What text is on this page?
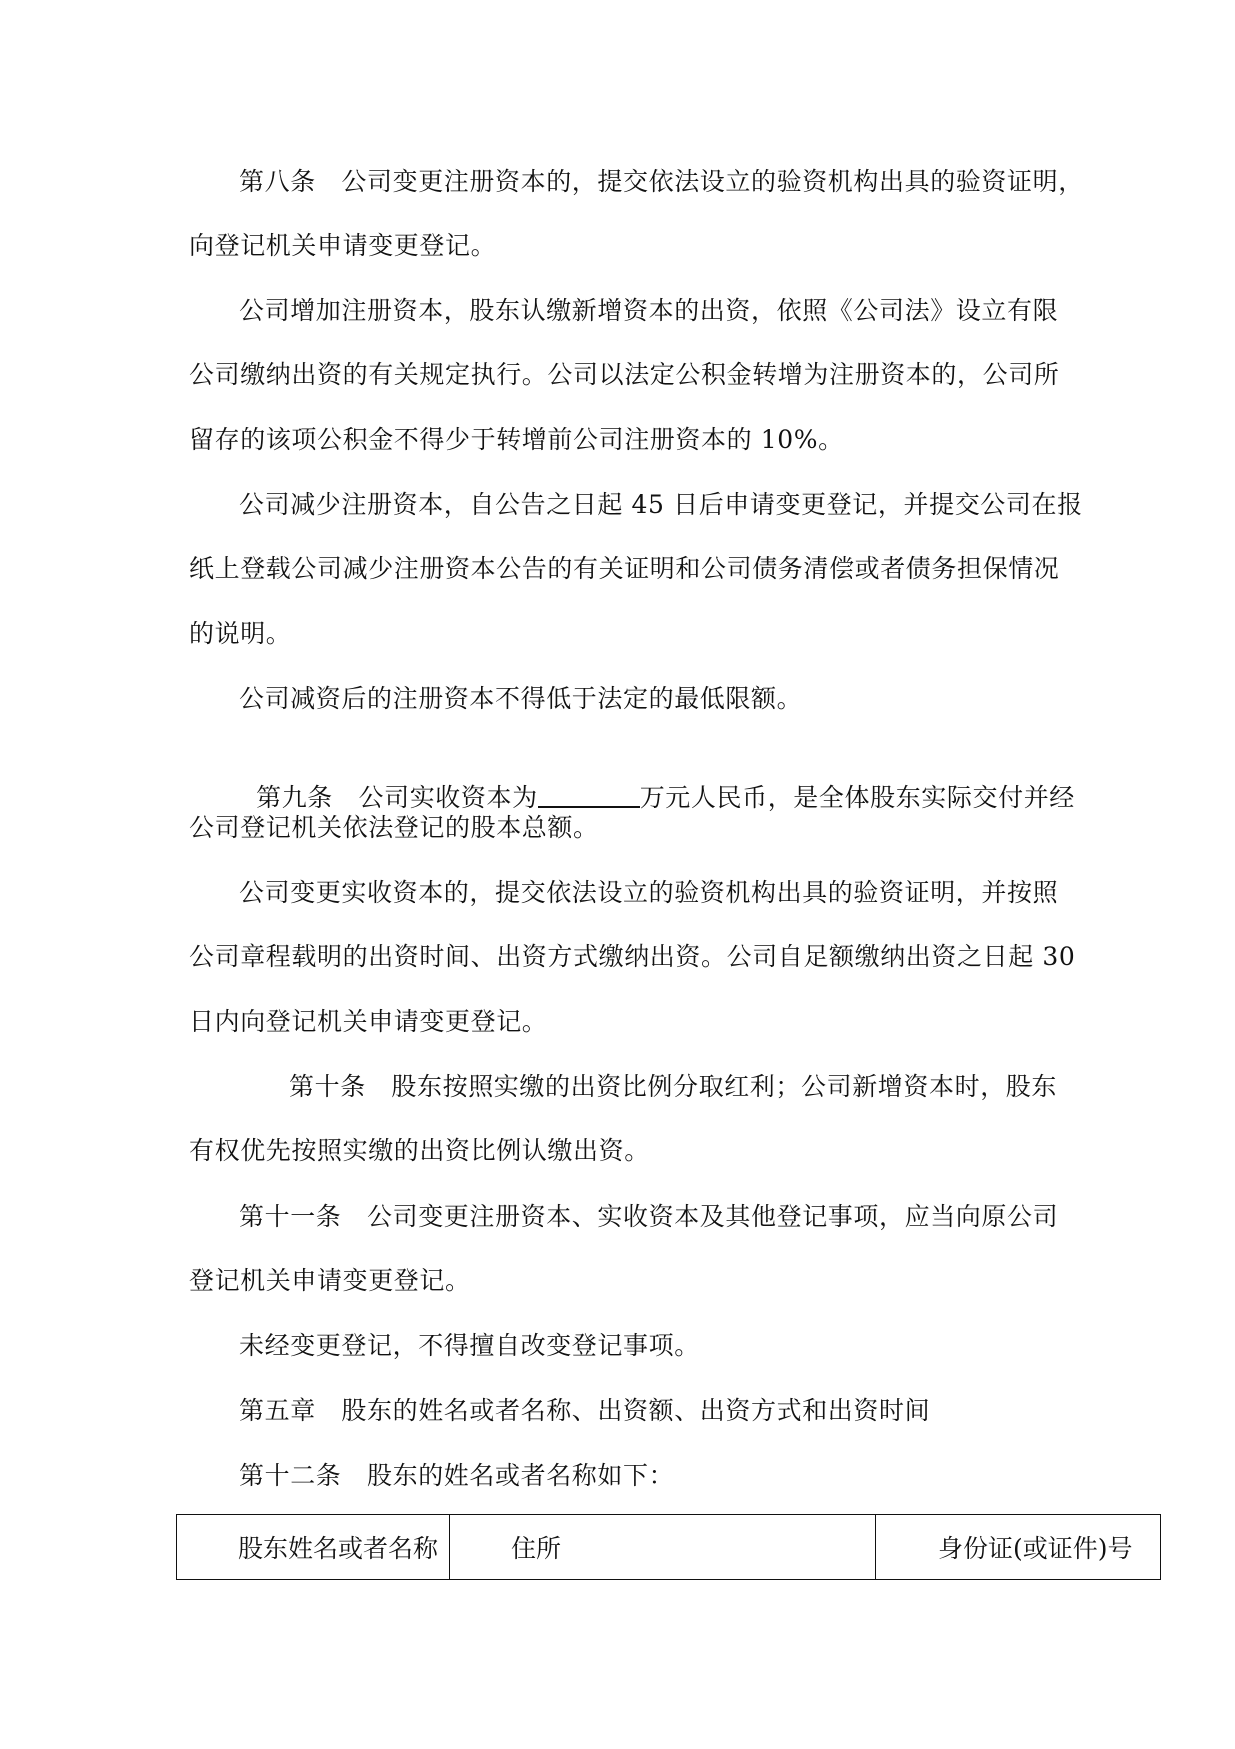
第八条　公司变更注册资本的，提交依法设立的验资机构出具的验资证明，
向登记机关申请变更登记。
公司增加注册资本，股东认缴新增资本的出资，依照《公司法》设立有限
公司缴纳出资的有关规定执行。公司以法定公积金转增为注册资本的，公司所
留存的该项公积金不得少于转增前公司注册资本的 10%。
公司减少注册资本，自公告之日起 45 日后申请变更登记，并提交公司在报
纸上登载公司减少注册资本公告的有关证明和公司债务清偿或者债务担保情况
的说明。
公司减资后的注册资本不得低于法定的最低限额。

第九条　公司实收资本为	万元人民币，是全体股东实际交付并经

公司登记机关依法登记的股本总额。
公司变更实收资本的，提交依法设立的验资机构出具的验资证明，并按照
公司章程载明的出资时间、出资方式缴纳出资。公司自足额缴纳出资之日起 30
日内向登记机关申请变更登记。
第十条　股东按照实缴的出资比例分取红利；公司新增资本时，股东
有权优先按照实缴的出资比例认缴出资。
第十一条　公司变更注册资本、实收资本及其他登记事项，应当向原公司
登记机关申请变更登记。
未经变更登记，不得擅自改变登记事项。
第五章　股东的姓名或者名称、出资额、出资方式和出资时间
第十二条　股东的姓名或者名称如下：
股东姓名或者名称	住所	身份证(或证件)号
